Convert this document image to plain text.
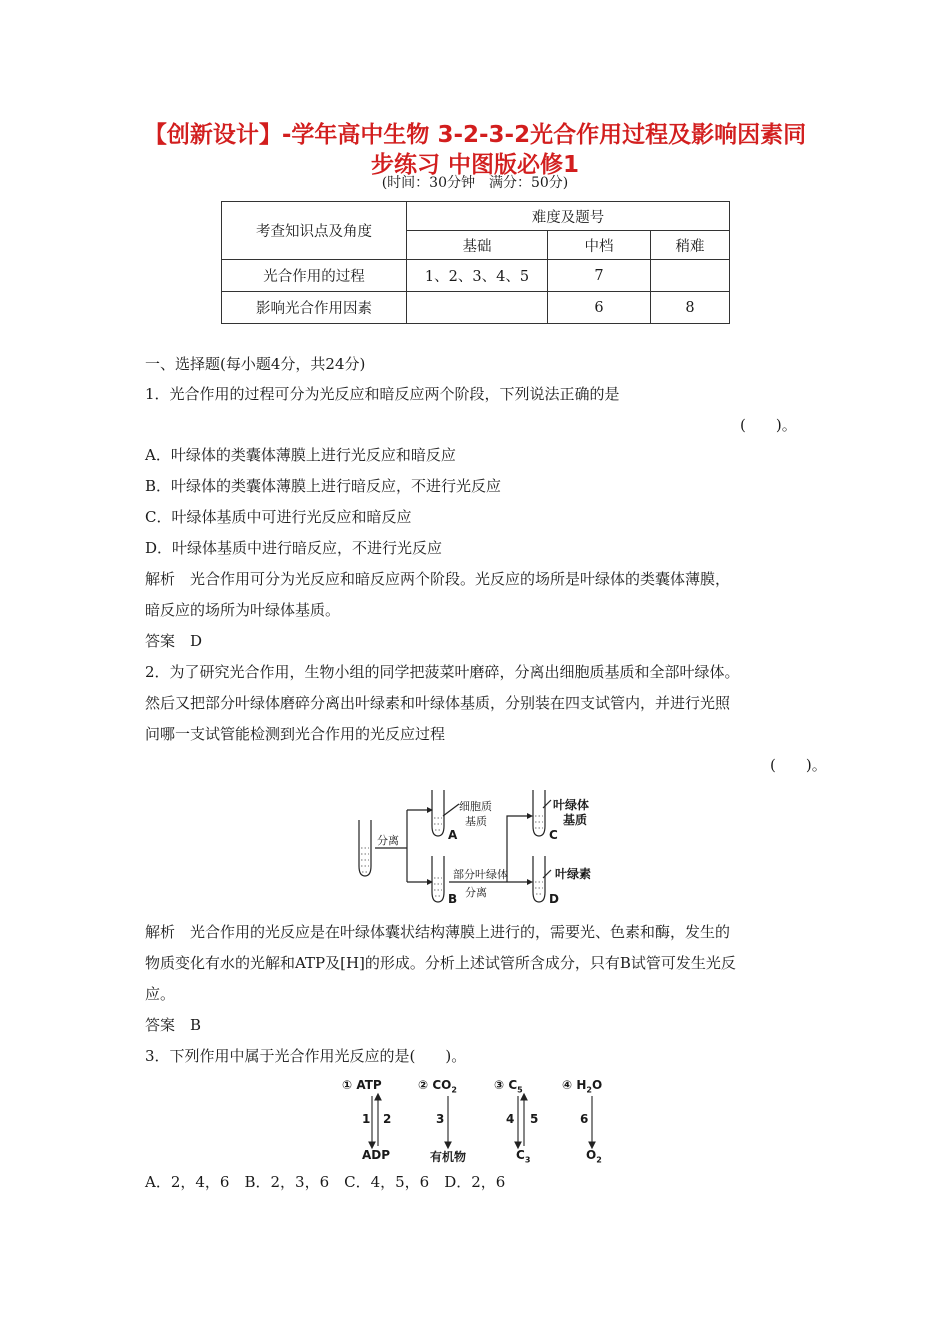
【创新设计】-学年高中生物 3-2-3-2光合作用过程及影响因素同
步练习 中图版必修1
(时间：30分钟　满分：50分)
考查知识点及角度	难度及题号		
	基础	中档	稍难
光合作用的过程	1、2、3、4、5	7	
影响光合作用因素		6	8
一、选择题(每小题4分，共24分)
1．光合作用的过程可分为光反应和暗反应两个阶段，下列说法正确的是
(　　)。
A．叶绿体的类囊体薄膜上进行光反应和暗反应
B．叶绿体的类囊体薄膜上进行暗反应，不进行光反应
C．叶绿体基质中可进行光反应和暗反应
D．叶绿体基质中进行暗反应，不进行光反应
解析　光合作用可分为光反应和暗反应两个阶段。光反应的场所是叶绿体的类囊体薄膜，
暗反应的场所为叶绿体基质。
答案　D
2．为了研究光合作用，生物小组的同学把菠菜叶磨碎，分离出细胞质基质和全部叶绿体。
然后又把部分叶绿体磨碎分离出叶绿素和叶绿体基质，分别装在四支试管内，并进行光照
问哪一支试管能检测到光合作用的光反应过程
(　　)。
分离
细胞质
基质
A
部分叶绿体
分离
B
叶绿体
基质
C
叶绿素
D
解析　光合作用的光反应是在叶绿体囊状结构薄膜上进行的，需要光、色素和酶，发生的
物质变化有水的光解和ATP及[H]的形成。分析上述试管所含成分，只有B试管可发生光反
应。
答案　B
3．下列作用中属于光合作用光反应的是(　　)。
① ATP
1 2
ADP
② $CO_2$
3
有机物
③ $C_5$
4 5
$C_3$
④ $H_2O$
6
$O_2$
A．2，4，6　B．2，3，6　C．4，5，6　D．2，6
